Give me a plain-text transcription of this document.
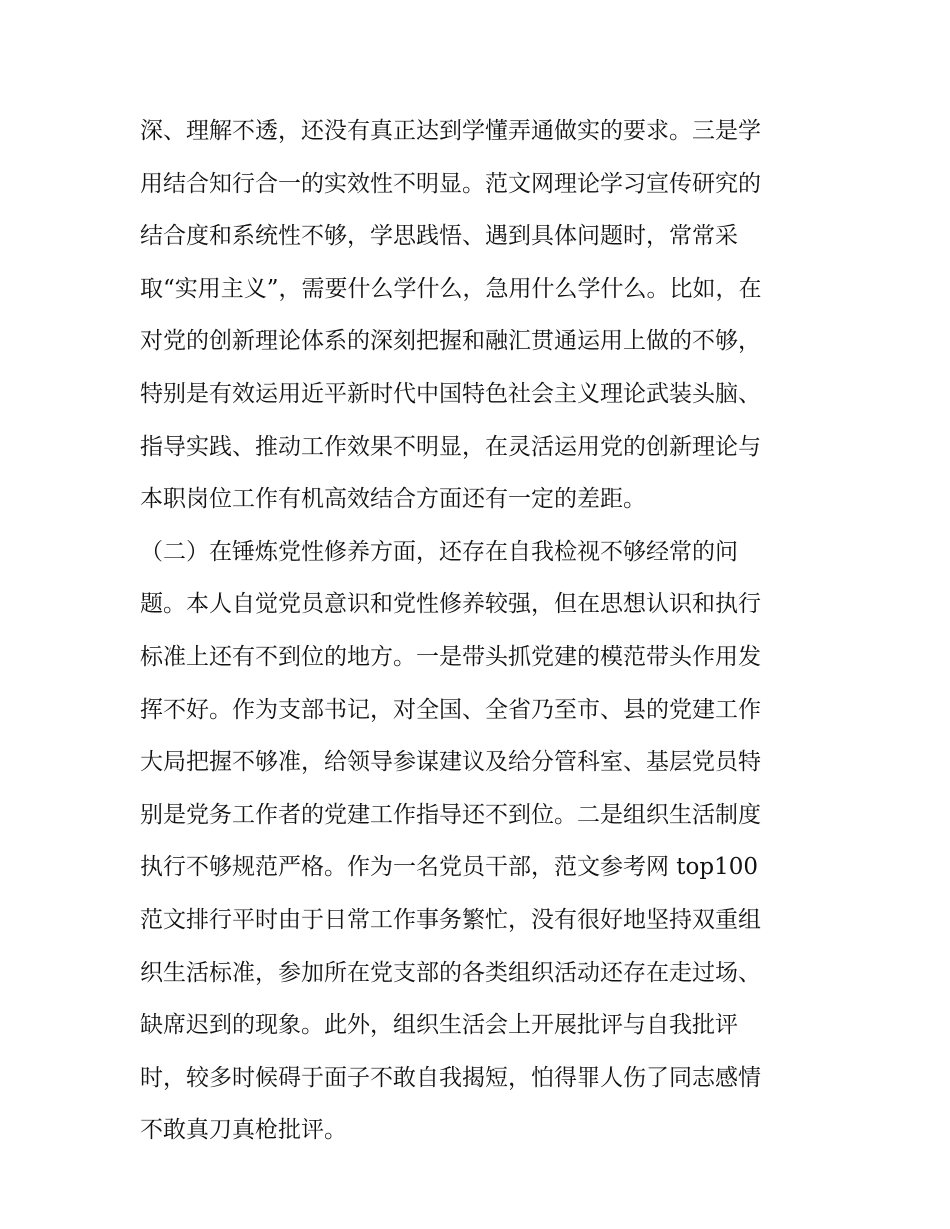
深、理解不透，还没有真正达到学懂弄通做实的要求。三是学
用结合知行合一的实效性不明显。范文网理论学习宣传研究的
结合度和系统性不够，学思践悟、遇到具体问题时，常常采
取“实用主义”，需要什么学什么，急用什么学什么。比如，在
对党的创新理论体系的深刻把握和融汇贯通运用上做的不够，
特别是有效运用近平新时代中国特色社会主义理论武装头脑、
指导实践、推动工作效果不明显，在灵活运用党的创新理论与
本职岗位工作有机高效结合方面还有一定的差距。
（二）在锤炼党性修养方面，还存在自我检视不够经常的问
题。本人自觉党员意识和党性修养较强，但在思想认识和执行
标准上还有不到位的地方。一是带头抓党建的模范带头作用发
挥不好。作为支部书记，对全国、全省乃至市、县的党建工作
大局把握不够准，给领导参谋建议及给分管科室、基层党员特
别是党务工作者的党建工作指导还不到位。二是组织生活制度
执行不够规范严格。作为一名党员干部，范文参考网 top100
范文排行平时由于日常工作事务繁忙，没有很好地坚持双重组
织生活标准，参加所在党支部的各类组织活动还存在走过场、
缺席迟到的现象。此外，组织生活会上开展批评与自我批评
时，较多时候碍于面子不敢自我揭短，怕得罪人伤了同志感情
不敢真刀真枪批评。
